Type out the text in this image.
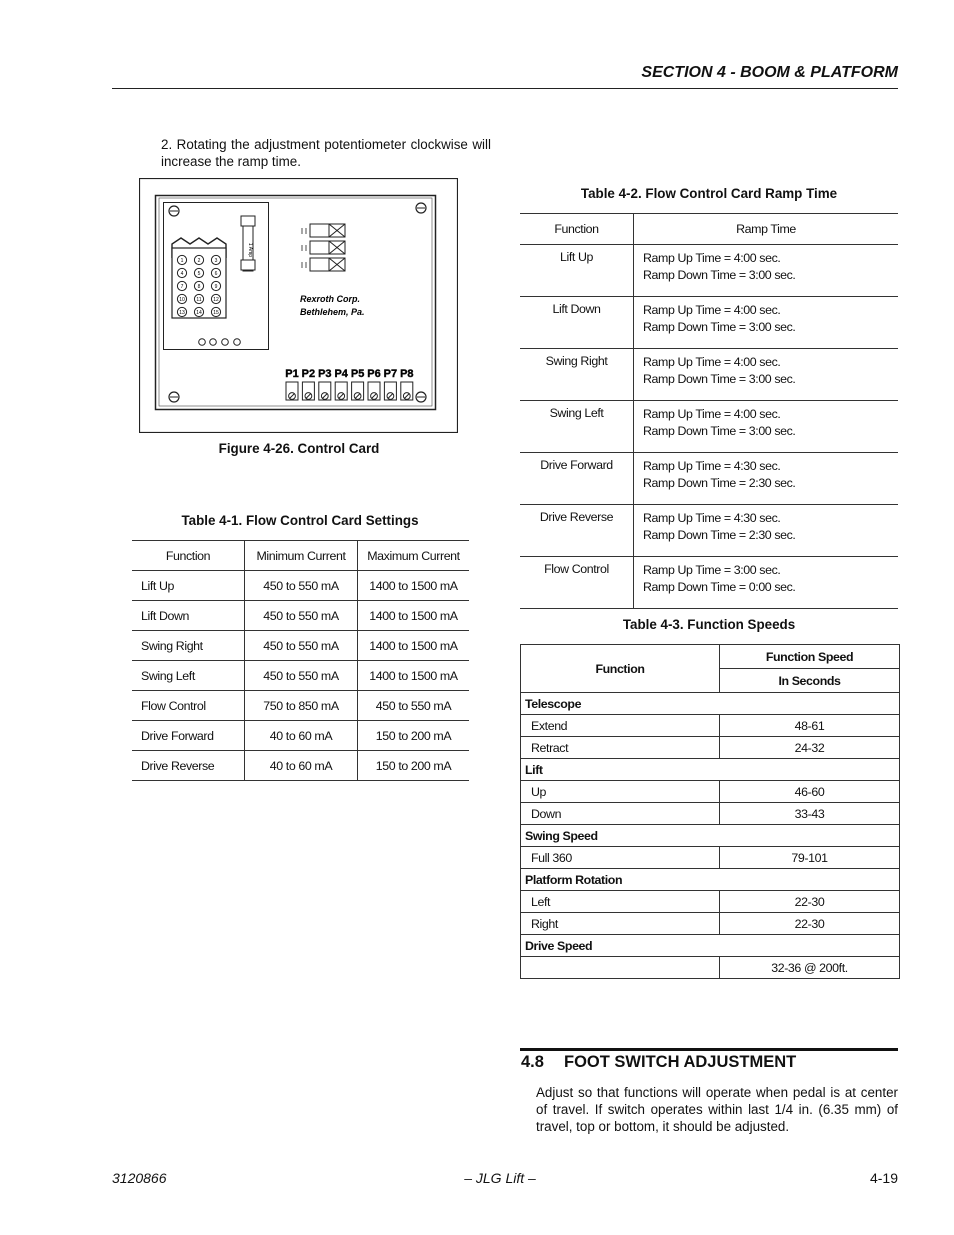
SECTION 4 - BOOM & PLATFORM
2. Rotating the adjustment potentiometer clockwise will increase the ramp time.
1	2	3
4	5	6
7	8	9
10 11 12
13 14 15
1 Amp
Rexroth Corp.
Bethlehem, Pa.
P1 P2 P3 P4 P5 P6 P7 P8
Figure 4-26. Control Card
Table 4-2. Flow Control Card Ramp Time
Function	Ramp Time
Lift Up	Ramp Up Time = 4:00 sec.
Ramp Down Time = 3:00 sec.

Lift Down	Ramp Up Time = 4:00 sec.
Ramp Down Time = 3:00 sec.

Swing Right	Ramp Up Time = 4:00 sec.
Ramp Down Time = 3:00 sec.

Swing Left	Ramp Up Time = 4:00 sec.
Ramp Down Time = 3:00 sec.

Drive Forward	Ramp Up Time = 4:30 sec.
Ramp Down Time = 2:30 sec.

Drive Reverse	Ramp Up Time = 4:30 sec.
Ramp Down Time = 2:30 sec.

Flow Control	Ramp Up Time = 3:00 sec.
Ramp Down Time = 0:00 sec.
Table 4-1. Flow Control Card Settings
Function	Minimum Current	Maximum Current
Lift Up	450 to 550 mA	1400 to 1500 mA
Lift Down	450 to 550 mA	1400 to 1500 mA
Swing Right	450 to 550 mA	1400 to 1500 mA
Swing Left	450 to 550 mA	1400 to 1500 mA
Flow Control	750 to 850 mA	450 to 550 mA
Drive Forward	40 to 60 mA	150 to 200 mA
Drive Reverse	40 to 60 mA	150 to 200 mA
Table 4-3. Function Speeds
Function	Function Speed
	In Seconds
Telescope	
Extend	48-61
Retract	24-32
Lift	
Up	46-60
Down	33-43
Swing Speed	
Full 360	79-101
Platform Rotation	
Left	22-30
Right	22-30
Drive Speed	
	32-36 @ 200ft.
4.8 FOOT SWITCH ADJUSTMENT
Adjust so that functions will operate when pedal is at center of travel. If switch operates within last 1/4 in. (6.35 mm) of travel, top or bottom, it should be adjusted.
3120866	– JLG Lift –	4-19
